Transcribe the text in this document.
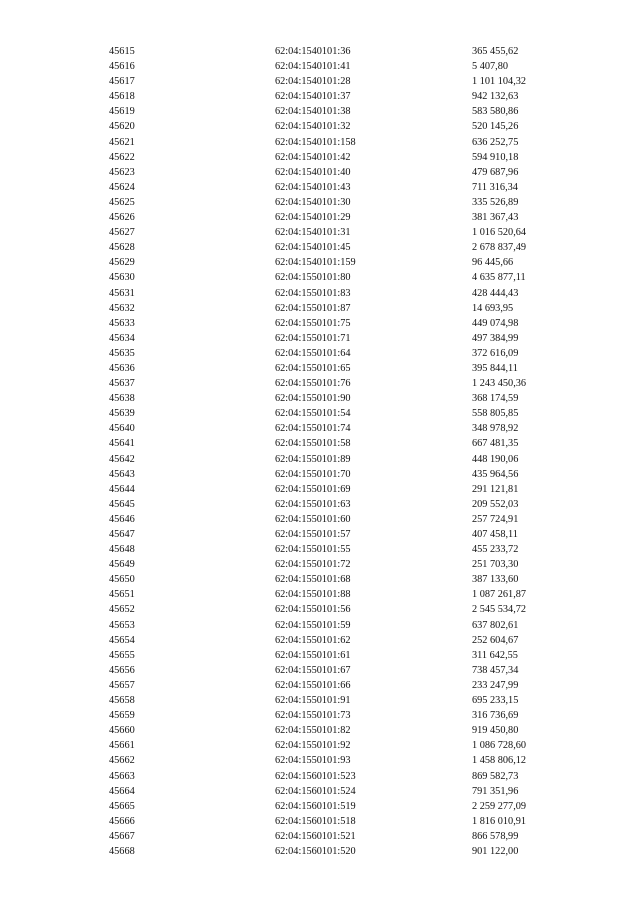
45615	62:04:1540101:36	365 455,62
45616	62:04:1540101:41	5 407,80
45617	62:04:1540101:28	1 101 104,32
45618	62:04:1540101:37	942 132,63
45619	62:04:1540101:38	583 580,86
45620	62:04:1540101:32	520 145,26
45621	62:04:1540101:158	636 252,75
45622	62:04:1540101:42	594 910,18
45623	62:04:1540101:40	479 687,96
45624	62:04:1540101:43	711 316,34
45625	62:04:1540101:30	335 526,89
45626	62:04:1540101:29	381 367,43
45627	62:04:1540101:31	1 016 520,64
45628	62:04:1540101:45	2 678 837,49
45629	62:04:1540101:159	96 445,66
45630	62:04:1550101:80	4 635 877,11
45631	62:04:1550101:83	428 444,43
45632	62:04:1550101:87	14 693,95
45633	62:04:1550101:75	449 074,98
45634	62:04:1550101:71	497 384,99
45635	62:04:1550101:64	372 616,09
45636	62:04:1550101:65	395 844,11
45637	62:04:1550101:76	1 243 450,36
45638	62:04:1550101:90	368 174,59
45639	62:04:1550101:54	558 805,85
45640	62:04:1550101:74	348 978,92
45641	62:04:1550101:58	667 481,35
45642	62:04:1550101:89	448 190,06
45643	62:04:1550101:70	435 964,56
45644	62:04:1550101:69	291 121,81
45645	62:04:1550101:63	209 552,03
45646	62:04:1550101:60	257 724,91
45647	62:04:1550101:57	407 458,11
45648	62:04:1550101:55	455 233,72
45649	62:04:1550101:72	251 703,30
45650	62:04:1550101:68	387 133,60
45651	62:04:1550101:88	1 087 261,87
45652	62:04:1550101:56	2 545 534,72
45653	62:04:1550101:59	637 802,61
45654	62:04:1550101:62	252 604,67
45655	62:04:1550101:61	311 642,55
45656	62:04:1550101:67	738 457,34
45657	62:04:1550101:66	233 247,99
45658	62:04:1550101:91	695 233,15
45659	62:04:1550101:73	316 736,69
45660	62:04:1550101:82	919 450,80
45661	62:04:1550101:92	1 086 728,60
45662	62:04:1550101:93	1 458 806,12
45663	62:04:1560101:523	869 582,73
45664	62:04:1560101:524	791 351,96
45665	62:04:1560101:519	2 259 277,09
45666	62:04:1560101:518	1 816 010,91
45667	62:04:1560101:521	866 578,99
45668	62:04:1560101:520	901 122,00
